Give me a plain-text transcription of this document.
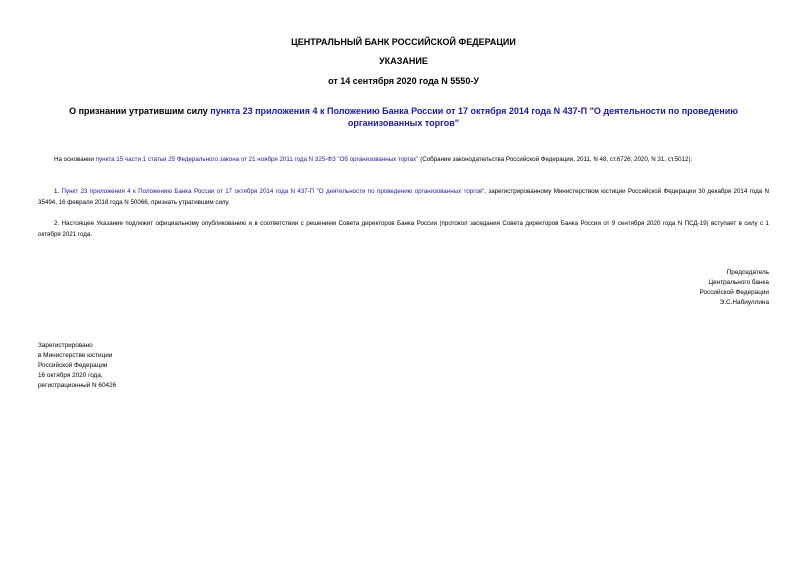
ЦЕНТРАЛЬНЫЙ БАНК РОССИЙСКОЙ ФЕДЕРАЦИИ

УКАЗАНИЕ

от 14 сентября 2020 года N 5550-У

О признании утратившим силу пункта 23 приложения 4 к Положению Банка России от 17 октября 2014 года N 437-П "О деятельности по проведению организованных торгов"

На основании пункта 15 части 1 статьи 25 Федерального закона от 21 ноября 2011 года N 325-ФЗ "Об организованных торгах" (Собрание законодательства Российской Федерации, 2011, N 48, ст.6726; 2020, N 31, ст.5012):

1. Пункт 23 приложения 4 к Положению Банка России от 17 октября 2014 года N 437-П "О деятельности по проведению организованных торгов", зарегистрированному Министерством юстиции Российской Федерации 30 декабря 2014 года N 35494, 16 февраля 2018 года N 50066, признать утратившим силу.

2. Настоящее Указание подлежит официальному опубликованию и в соответствии с решением Совета директоров Банка России (протокол заседания Совета директоров Банка России от 9 сентября 2020 года N ПСД-19) вступает в силу с 1 октября 2021 года.

Председатель
Центрального банка
Российской Федерации
Э.С.Набиуллина
Зарегистрировано
в Министерстве юстиции
Российской Федерации
16 октября 2020 года,
регистрационный N 60426
